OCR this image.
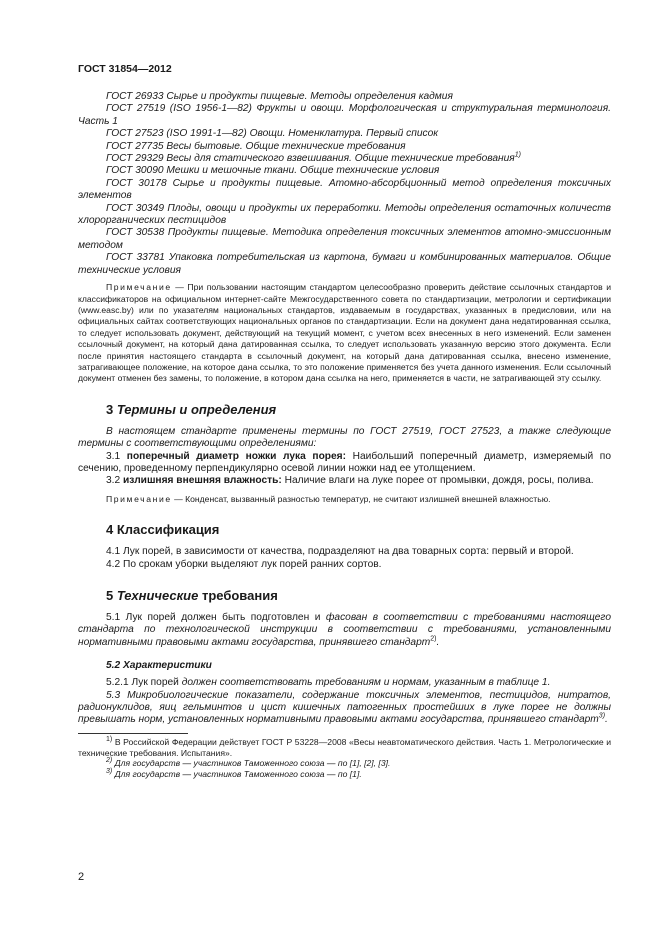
ГОСТ 31854—2012

ГОСТ 26933 Сырье и продукты пищевые. Методы определения кадмия

ГОСТ 27519 (ISO 1956-1—82) Фрукты и овощи. Морфологическая и структуральная терминология. Часть 1

ГОСТ 27523 (ISO 1991-1—82) Овощи. Номенклатура. Первый список

ГОСТ 27735 Весы бытовые. Общие технические требования

ГОСТ 29329 Весы для статического взвешивания. Общие технические требования$^{1)}$

ГОСТ 30090 Мешки и мешочные ткани. Общие технические условия

ГОСТ 30178 Сырье и продукты пищевые. Атомно-абсорбционный метод определения токсичных элементов

ГОСТ 30349 Плоды, овощи и продукты их переработки. Методы определения остаточных количеств хлорорганических пестицидов

ГОСТ 30538 Продукты пищевые. Методика определения токсичных элементов атомно-эмиссионным методом

ГОСТ 33781 Упаковка потребительская из картона, бумаги и комбинированных материалов. Общие технические условия

Примечание — При пользовании настоящим стандартом целесообразно проверить действие ссылочных стандартов и классификаторов на официальном интернет-сайте Межгосударственного совета по стандартизации, метрологии и сертификации (www.easc.by) или по указателям национальных стандартов, издаваемым в государствах, указанных в предисловии, или на официальных сайтах соответствующих национальных органов по стандартизации. Если на документ дана недатированная ссылка, то следует использовать документ, действующий на текущий момент, с учетом всех внесенных в него изменений. Если заменен ссылочный документ, на который дана датированная ссылка, то следует использовать указанную версию этого документа. Если после принятия настоящего стандарта в ссылочный документ, на который дана датированная ссылка, внесено изменение, затрагивающее положение, на которое дана ссылка, то это положение применяется без учета данного изменения. Если ссылочный документ отменен без замены, то положение, в котором дана ссылка на него, применяется в части, не затрагивающей эту ссылку.

3 Термины и определения

В настоящем стандарте применены термины по ГОСТ 27519, ГОСТ 27523, а также следующие термины с соответствующими определениями:

3.1 поперечный диаметр ножки лука порея: Наибольший поперечный диаметр, измеряемый по сечению, проведенному перпендикулярно осевой линии ножки над ее утолщением.

3.2 излишняя внешняя влажность: Наличие влаги на луке порее от промывки, дождя, росы, полива.

Примечание — Конденсат, вызванный разностью температур, не считают излишней внешней влажностью.

4 Классификация

4.1 Лук порей, в зависимости от качества, подразделяют на два товарных сорта: первый и второй.

4.2 По срокам уборки выделяют лук порей ранних сортов.

5 Технические требования

5.1 Лук порей должен быть подготовлен и фасован в соответствии с требованиями настоящего стандарта по технологической инструкции в соответствии с требованиями, установленными нормативными правовыми актами государства, принявшего стандарт$^{2)}$.

5.2 Характеристики

5.2.1 Лук порей должен соответствовать требованиям и нормам, указанным в таблице 1.

5.3 Микробиологические показатели, содержание токсичных элементов, пестицидов, нитратов, радионуклидов, яиц гельминтов и цист кишечных патогенных простейших в луке порее не должны превышать норм, установленных нормативными правовыми актами государства, принявшего стандарт$^{3)}$.

$^{1)}$ В Российской Федерации действует ГОСТ Р 53228—2008 «Весы неавтоматического действия. Часть 1. Метрологические и технические требования. Испытания».

$^{2)}$ Для государств — участников Таможенного союза — по [1], [2], [3].

$^{3)}$ Для государств — участников Таможенного союза — по [1].

2
